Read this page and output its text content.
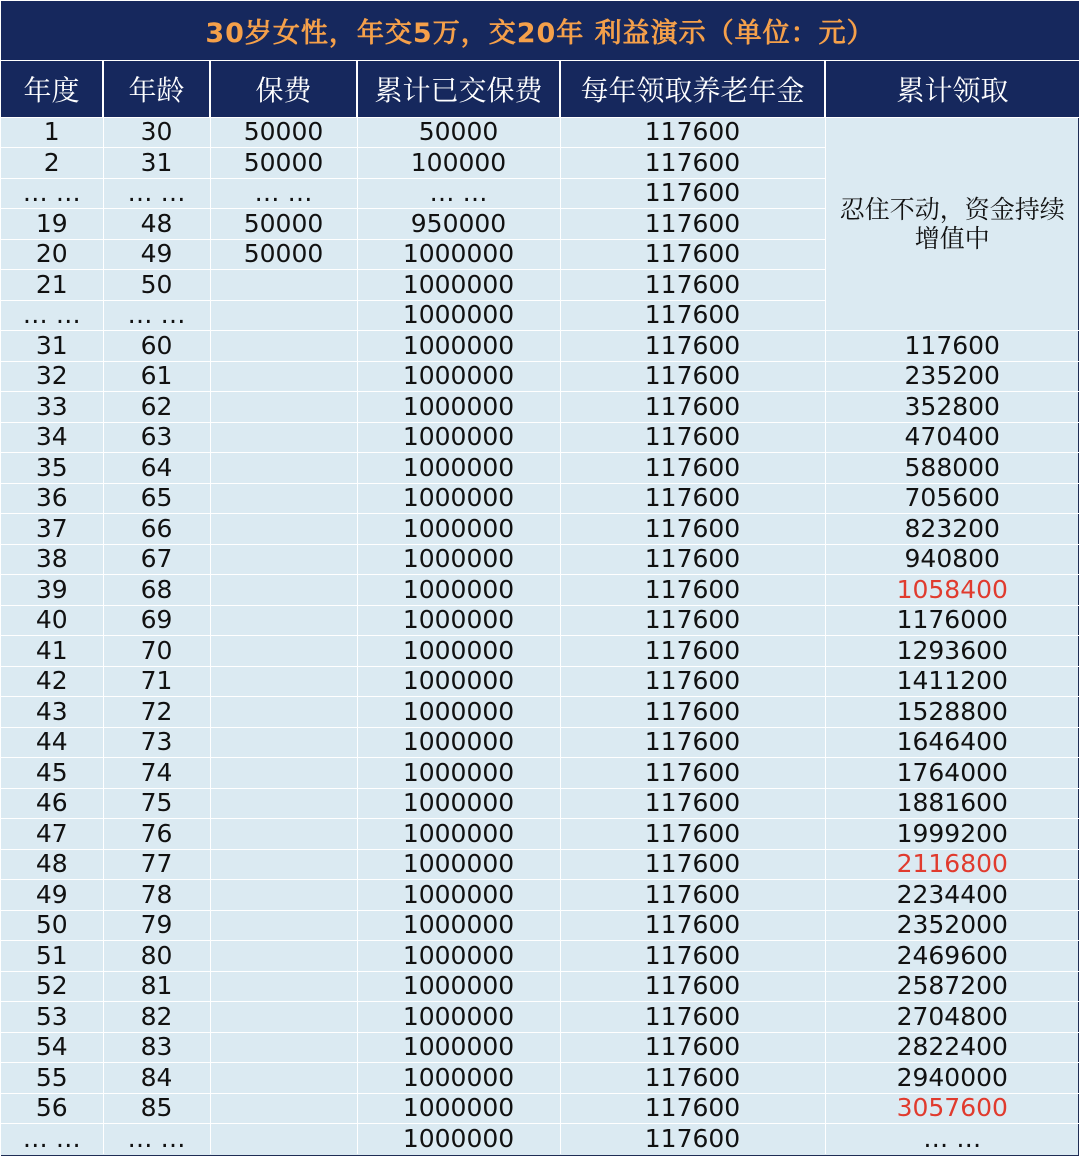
30岁女性，年交5万，交20年 利益演示（单位：元）
年度	年龄	保费	累计已交保费	每年领取养老年金	累计领取
1	30	50000	50000	117600	忍住不动，资金持续增值中
2	31	50000	100000	117600	
… …	… …	… …	… …	117600	
19	48	50000	950000	117600	
20	49	50000	1000000	117600	
21	50		1000000	117600	
… …	… …		1000000	117600	
31	60		1000000	117600	117600
32	61		1000000	117600	235200
33	62		1000000	117600	352800
34	63		1000000	117600	470400
35	64		1000000	117600	588000
36	65		1000000	117600	705600
37	66		1000000	117600	823200
38	67		1000000	117600	940800
39	68		1000000	117600	1058400
40	69		1000000	117600	1176000
41	70		1000000	117600	1293600
42	71		1000000	117600	1411200
43	72		1000000	117600	1528800
44	73		1000000	117600	1646400
45	74		1000000	117600	1764000
46	75		1000000	117600	1881600
47	76		1000000	117600	1999200
48	77		1000000	117600	2116800
49	78		1000000	117600	2234400
50	79		1000000	117600	2352000
51	80		1000000	117600	2469600
52	81		1000000	117600	2587200
53	82		1000000	117600	2704800
54	83		1000000	117600	2822400
55	84		1000000	117600	2940000
56	85		1000000	117600	3057600
… …	… …		1000000	117600	… …
